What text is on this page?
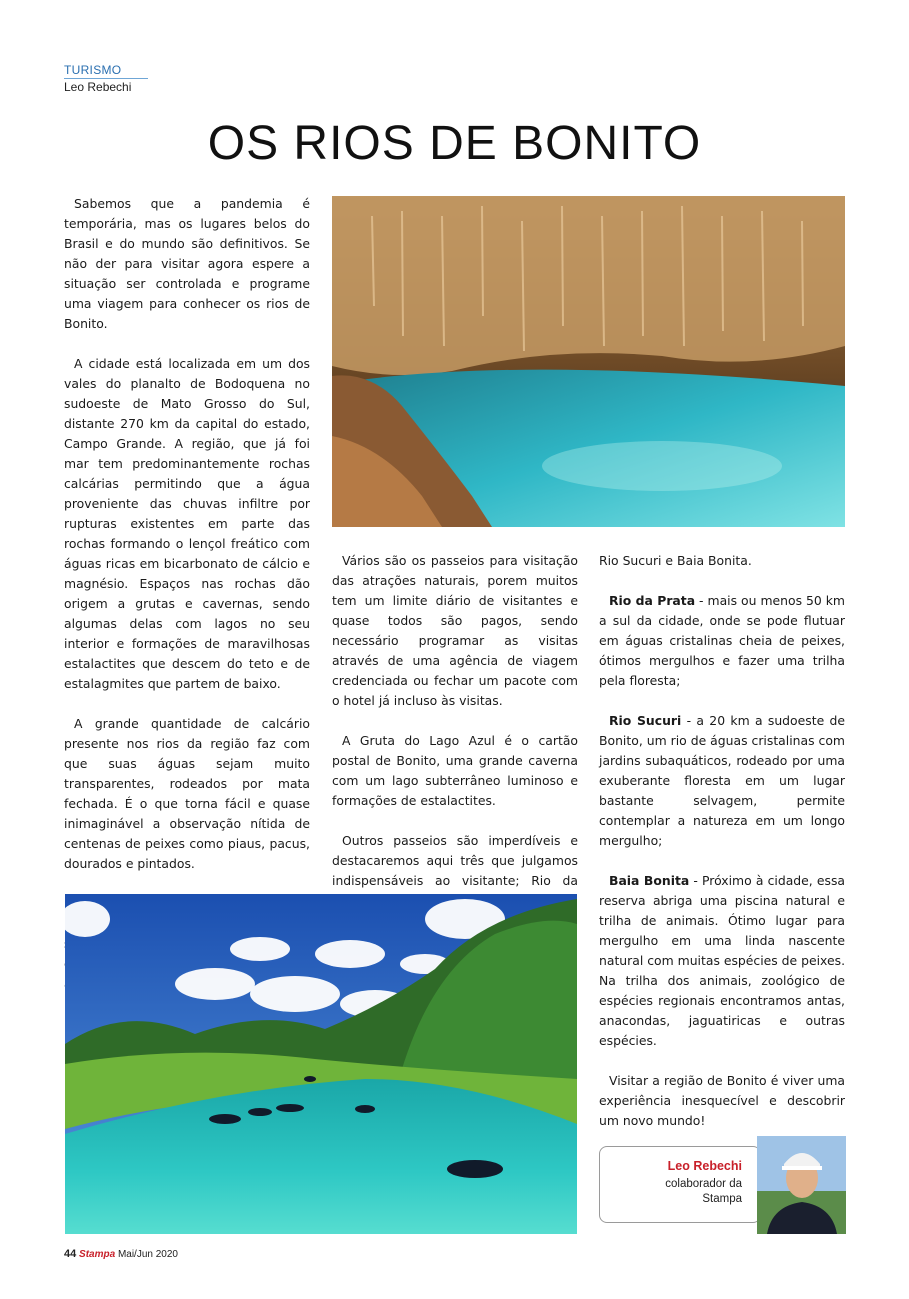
TURISMO
Leo Rebechi
OS RIOS DE BONITO

Sabemos que a pandemia é temporária, mas os lugares belos do Brasil e do mundo são definitivos. Se não der para visitar agora espere a situação ser controlada e programe uma viagem para conhecer os rios de Bonito.

A cidade está localizada em um dos vales do planalto de Bodoquena no sudoeste de Mato Grosso do Sul, distante 270 km da capital do estado, Campo Grande. A região, que já foi mar tem predominantemente rochas calcárias permitindo que a água proveniente das chuvas infiltre por rupturas existentes em parte das rochas formando o lençol freático com águas ricas em bicarbonato de cálcio e magnésio. Espaços nas rochas dão origem a grutas e cavernas, sendo algumas delas com lagos no seu interior e formações de maravilhosas estalactites que descem do teto e de estalagmites que partem de baixo.

A grande quantidade de calcário presente nos rios da região faz com que suas águas sejam muito transparentes, rodeados por mata fechada. É o que torna fácil e quase inimaginável a observação nítida de centenas de peixes como piaus, pacus, dourados e pintados.

Vários são os passeios para visitação das atrações naturais, porem muitos tem um limite diário de visitantes e quase todos são pagos, sendo necessário programar as visitas através de uma agência de viagem credenciada ou fechar um pacote com o hotel já incluso às visitas.

A Gruta do Lago Azul é o cartão postal de Bonito, uma grande caverna com um lago subterrâneo luminoso e formações de estalactites.

Outros passeios são imperdíveis e destacaremos aqui três que julgamos indispensáveis ao visitante; Rio da

Rio Sucuri e Baia Bonita.

Rio da Prata - mais ou menos 50 km a sul da cidade, onde se pode flutuar em águas cristalinas cheia de peixes, ótimos mergulhos e fazer uma trilha pela floresta;

Rio Sucuri - a 20 km a sudoeste de Bonito, um rio de águas cristalinas com jardins subaquáticos, rodeado por uma exuberante floresta em um lugar bastante selvagem, permite contemplar a natureza em um longo mergulho;

Baia Bonita - Próximo à cidade, essa reserva abriga uma piscina natural e trilha de animais. Ótimo lugar para mergulho em uma linda nascente natural com muitas espécies de peixes. Na trilha dos animais, zoológico de espécies regionais encontramos antas, anacondas, jaguatiricas e outras espécies.

Visitar a região de Bonito é viver uma experiência inesquecível e descobrir um novo mundo!

Leo Rebechi
colaborador da Stampa
44 Stampa Mai/Jun 2020
